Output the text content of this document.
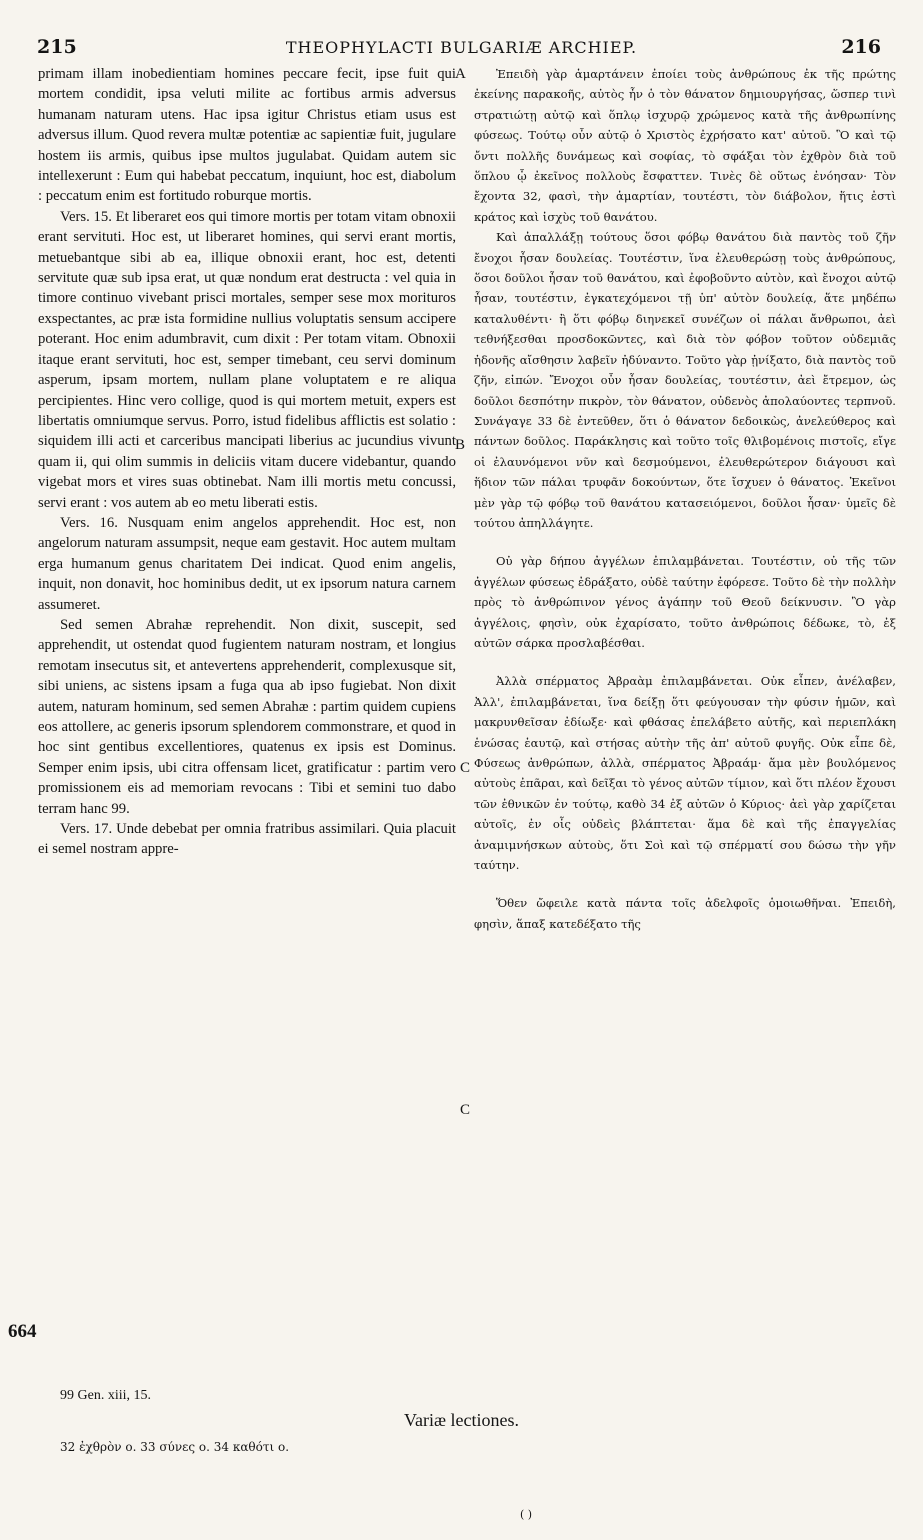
215	THEOPHYLACTI BULGARIÆ ARCHIEP.	216

primam illam inobedientiam homines peccare fecit, ipse fuit qui mortem condidit, ipsa veluti milite ac fortibus armis adversus humanam naturam utens. Hac ipsa igitur Christus etiam usus est adversus illum. Quod revera multæ potentiæ ac sapientiæ fuit, jugulare hostem iis armis, quibus ipse multos jugulabat. Quidam autem sic intellexerunt : Eum qui habebat peccatum, inquiunt, hoc est, diabolum : peccatum enim est fortitudo roburque mortis.

Vers. 15. Et liberaret eos qui timore mortis per totam vitam obnoxii erant servituti. Hoc est, ut liberaret homines, qui servi erant mortis, metuebantque sibi ab ea, illique obnoxii erant, hoc est, detenti servitute quæ sub ipsa erat, ut quæ nondum erat destructa : vel quia in timore continuo vivebant prisci mortales, semper sese mox morituros exspectantes, ac præ ista formidine nullius voluptatis sensum accipere poterant. Hoc enim adumbravit, cum dixit : Per totam vitam. Obnoxii itaque erant servituti, hoc est, semper timebant, ceu servi dominum asperum, ipsam mortem, nullam plane voluptatem e re aliqua percipientes. Hinc vero collige, quod is qui mortem metuit, expers est libertatis omniumque servus. Porro, istud fidelibus afflictis est solatio : siquidem illi acti et carceribus mancipati liberius ac jucundius vivunt quam ii, qui olim summis in deliciis vitam ducere videbantur, quando vigebat mors et vires suas obtinebat. Nam illi mortis metu concussi, servi erant : vos autem ab eo metu liberati estis.

Vers. 16. Nusquam enim angelos apprehendit. Hoc est, non angelorum naturam assumpsit, neque eam gestavit. Hoc autem multam erga humanum genus charitatem Dei indicat. Quod enim angelis, inquit, non donavit, hoc hominibus dedit, ut ex ipsorum natura carnem assumeret.

Sed semen Abrahæ reprehendit. Non dixit, suscepit, sed apprehendit, ut ostendat quod fugientem naturam nostram, et longius remotam insecutus sit, et antevertens apprehenderit, complexusque sit, sibi uniens, ac sistens ipsam a fuga qua ab ipso fugiebat. Non dixit autem, naturam hominum, sed semen Abrahæ : partim quidem cupiens eos attollere, ac generis ipsorum splendorem commonstrare, et quod in hoc sint gentibus excellentiores, quatenus ex ipsis est Dominus. Semper enim ipsis, ubi citra offensam licet, gratificatur : partim vero promissionem eis ad memoriam revocans : Tibi et semini tuo dabo terram hanc 99.

Vers. 17. Unde debebat per omnia fratribus assimilari. Quia placuit ei semel nostram appre-

Ἐπειδὴ γὰρ ἁμαρτάνειν ἐποίει τοὺς ἀνθρώπους ἐκ τῆς πρώτης ἐκείνης παρακοῆς, αὐτὸς ἦν ὁ τὸν θάνατον δημιουργήσας, ὥσπερ τινὶ στρατιώτῃ αὐτῷ καὶ ὅπλῳ ἰσχυρῷ χρώμενος κατὰ τῆς ἀνθρωπίνης φύσεως. Τούτῳ οὖν αὐτῷ ὁ Χριστὸς ἐχρήσατο κατ' αὐτοῦ. Ὃ καὶ τῷ ὄντι πολλῆς δυνάμεως καὶ σοφίας, τὸ σφάξαι τὸν ἐχθρὸν διὰ τοῦ ὅπλου ᾧ ἐκεῖνος πολλοὺς ἔσφαττεν. Τινὲς δὲ οὕτως ἐνόησαν· Τὸν ἔχοντα 32, φασὶ, τὴν ἁμαρτίαν, τουτέστι, τὸν διάβολον, ἥτις ἐστὶ κράτος καὶ ἰσχὺς τοῦ θανάτου.

Καὶ ἀπαλλάξῃ τούτους ὅσοι φόβῳ θανάτου διὰ παντὸς τοῦ ζῆν ἔνοχοι ἦσαν δουλείας. Τουτέστιν, ἵνα ἐλευθερώσῃ τοὺς ἀνθρώπους, ὅσοι δοῦλοι ἦσαν τοῦ θανάτου, καὶ ἐφοβοῦντο αὐτὸν, καὶ ἔνοχοι αὐτῷ ἦσαν, τουτέστιν, ἐγκατεχόμενοι τῇ ὑπ' αὐτὸν δουλείᾳ, ἅτε μηδέπω καταλυθέντι· ἢ ὅτι φόβῳ διηνεκεῖ συνέζων οἱ πάλαι ἄνθρωποι, ἀεὶ τεθνήξεσθαι προσδοκῶντες, καὶ διὰ τὸν φόβον τοῦτον οὐδεμιᾶς ἡδονῆς αἴσθησιν λαβεῖν ἠδύναντο. Τοῦτο γὰρ ᾐνίξατο, διὰ παντὸς τοῦ ζῆν, εἰπών. Ἔνοχοι οὖν ἦσαν δουλείας, τουτέστιν, ἀεὶ ἔτρεμον, ὡς δοῦλοι δεσπότην πικρὸν, τὸν θάνατον, οὐδενὸς ἀπολαύοντες τερπνοῦ. Συνάγαγε 33 δὲ ἐντεῦθεν, ὅτι ὁ θάνατον δεδοικὼς, ἀνελεύθερος καὶ πάντων δοῦλος. Παράκλησις καὶ τοῦτο τοῖς θλιβομένοις πιστοῖς, εἴγε οἱ ἐλαυνόμενοι νῦν καὶ δεσμούμενοι, ἐλευθερώτερον διάγουσι καὶ ἥδιον τῶν πάλαι τρυφᾶν δοκούντων, ὅτε ἴσχυεν ὁ θάνατος. Ἐκεῖνοι μὲν γὰρ τῷ φόβῳ τοῦ θανάτου κατασειόμενοι, δοῦλοι ἦσαν· ὑμεῖς δὲ τούτου ἀπηλλάγητε.

Οὐ γὰρ δήπου ἀγγέλων ἐπιλαμβάνεται. Τουτέστιν, οὐ τῆς τῶν ἀγγέλων φύσεως ἐδράξατο, οὐδὲ ταύτην ἐφόρεσε. Τοῦτο δὲ τὴν πολλὴν πρὸς τὸ ἀνθρώπινον γένος ἀγάπην τοῦ Θεοῦ δείκνυσιν. Ὃ γὰρ ἀγγέλοις, φησὶν, οὐκ ἐχαρίσατο, τοῦτο ἀνθρώποις δέδωκε, τὸ, ἐξ αὐτῶν σάρκα προσλαβέσθαι.

Ἀλλὰ σπέρματος Ἀβραὰμ ἐπιλαμβάνεται. Οὐκ εἶπεν, ἀνέλαβεν, Ἀλλ', ἐπιλαμβάνεται, ἵνα δείξῃ ὅτι φεύγουσαν τὴν φύσιν ἡμῶν, καὶ μακρυνθεῖσαν ἐδίωξε· καὶ φθάσας ἐπελάβετο αὐτῆς, καὶ περιεπλάκη ἑνώσας ἑαυτῷ, καὶ στήσας αὐτὴν τῆς ἀπ' αὐτοῦ φυγῆς. Οὐκ εἶπε δὲ, Φύσεως ἀνθρώπων, ἀλλὰ, σπέρματος Ἀβραάμ· ἅμα μὲν βουλόμενος αὐτοὺς ἐπᾶραι, καὶ δεῖξαι τὸ γένος αὐτῶν τίμιον, καὶ ὅτι πλέον ἔχουσι τῶν ἐθνικῶν ἐν τούτῳ, καθὸ 34 ἐξ αὐτῶν ὁ Κύριος· ἀεὶ γὰρ χαρίζεται αὐτοῖς, ἐν οἷς οὐδεὶς βλάπτεται· ἅμα δὲ καὶ τῆς ἐπαγγελίας ἀναμιμνήσκων αὐτοὺς, ὅτι Σοὶ καὶ τῷ σπέρματί σου δώσω τὴν γῆν ταύτην.

Ὅθεν ὤφειλε κατὰ πάντα τοῖς ἀδελφοῖς ὁμοιωθῆναι. Ἐπειδὴ, φησὶν, ἅπαξ κατεδέξατο τῆς

A
B
C
C
664
99 Gen. xiii, 15.
Variæ lectiones.
32 ἐχθρὸν ο. 33 σύνες ο. 34 καθότι ο.
( )
